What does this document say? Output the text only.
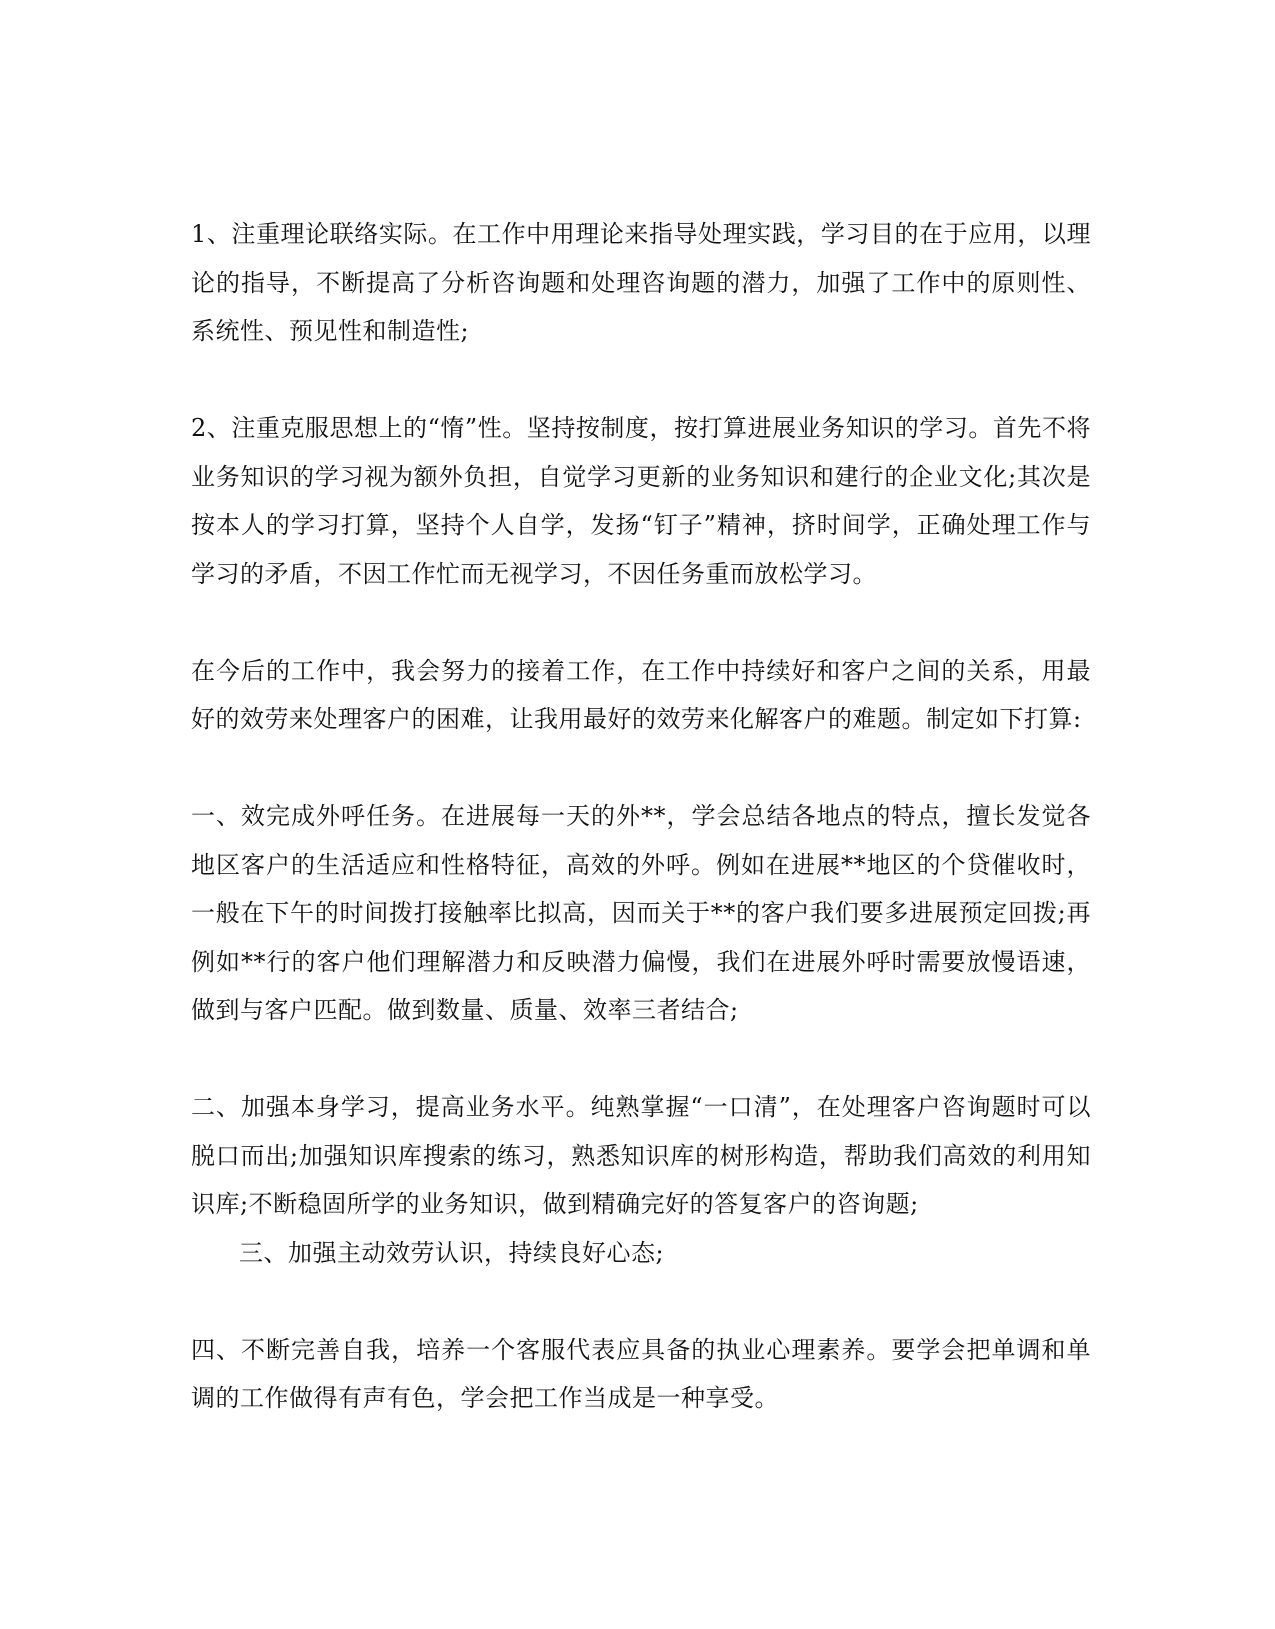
1、注重理论联络实际。在工作中用理论来指导处理实践，学习目的在于应用，以理论的指导，不断提高了分析咨询题和处理咨询题的潜力，加强了工作中的原则性、系统性、预见性和制造性;

2、注重克服思想上的“惰”性。坚持按制度，按打算进展业务知识的学习。首先不将业务知识的学习视为额外负担，自觉学习更新的业务知识和建行的企业文化;其次是按本人的学习打算，坚持个人自学，发扬“钉子”精神，挤时间学，正确处理工作与学习的矛盾，不因工作忙而无视学习，不因任务重而放松学习。

在今后的工作中，我会努力的接着工作，在工作中持续好和客户之间的关系，用最好的效劳来处理客户的困难，让我用最好的效劳来化解客户的难题。制定如下打算:

一、效完成外呼任务。在进展每一天的外**，学会总结各地点的特点，擅长发觉各地区客户的生活适应和性格特征，高效的外呼。例如在进展**地区的个贷催收时，一般在下午的时间拨打接触率比拟高，因而关于**的客户我们要多进展预定回拨;再例如**行的客户他们理解潜力和反映潜力偏慢，我们在进展外呼时需要放慢语速，做到与客户匹配。做到数量、质量、效率三者结合;

二、加强本身学习，提高业务水平。纯熟掌握“一口清”，在处理客户咨询题时可以脱口而出;加强知识库搜索的练习，熟悉知识库的树形构造，帮助我们高效的利用知识库;不断稳固所学的业务知识，做到精确完好的答复客户的咨询题;

三、加强主动效劳认识，持续良好心态;

四、不断完善自我，培养一个客服代表应具备的执业心理素养。要学会把单调和单调的工作做得有声有色，学会把工作当成是一种享受。
